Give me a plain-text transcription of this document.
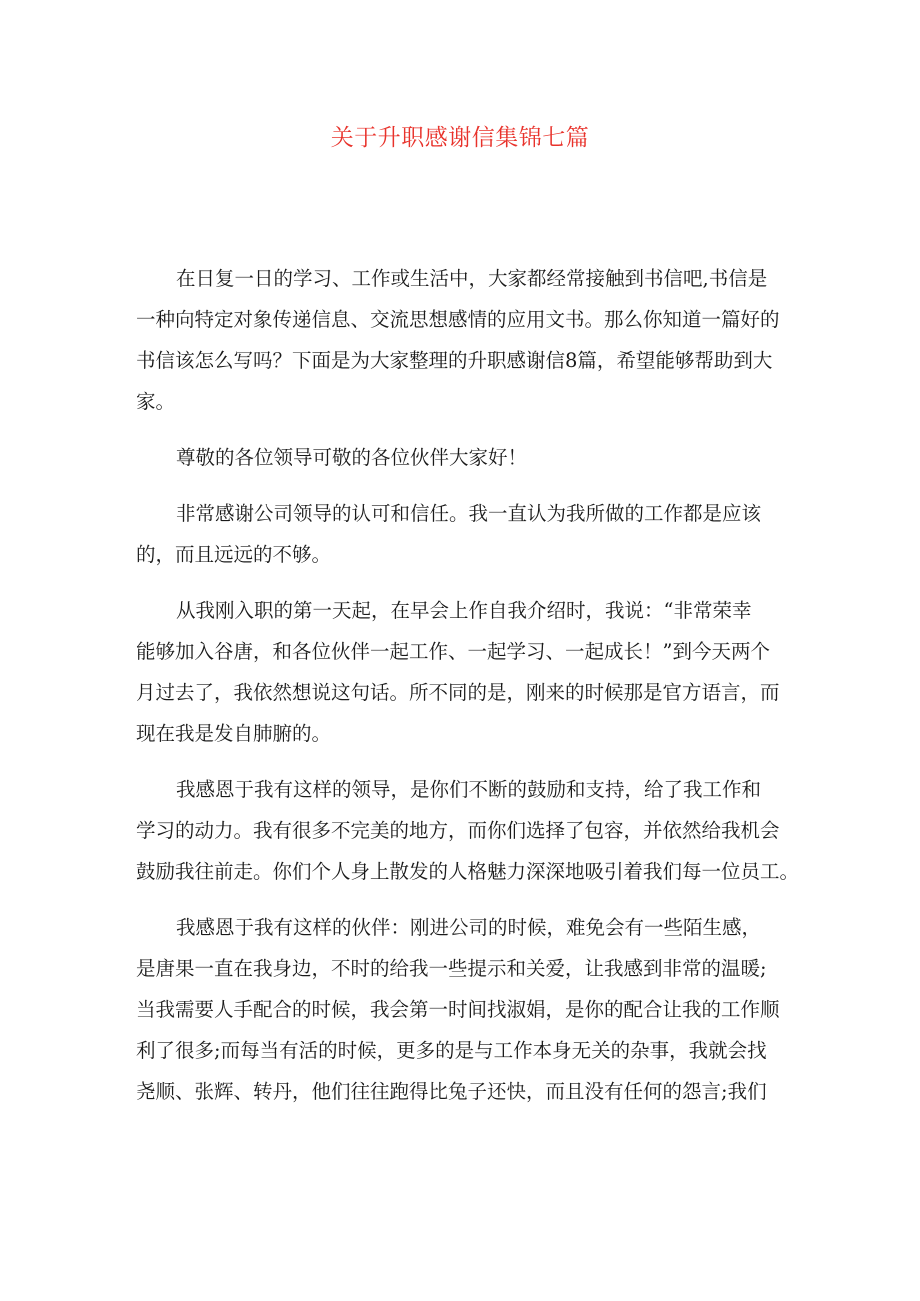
关于升职感谢信集锦七篇
在日复一日的学习、工作或生活中，大家都经常接触到书信吧,书信是
一种向特定对象传递信息、交流思想感情的应用文书。那么你知道一篇好的
书信该怎么写吗？下面是为大家整理的升职感谢信8篇，希望能够帮助到大
家。
尊敬的各位领导可敬的各位伙伴大家好！
非常感谢公司领导的认可和信任。我一直认为我所做的工作都是应该
的，而且远远的不够。
从我刚入职的第一天起，在早会上作自我介绍时，我说：“非常荣幸
能够加入谷唐，和各位伙伴一起工作、一起学习、一起成长！”到今天两个
月过去了，我依然想说这句话。所不同的是，刚来的时候那是官方语言，而
现在我是发自肺腑的。
我感恩于我有这样的领导，是你们不断的鼓励和支持，给了我工作和
学习的动力。我有很多不完美的地方，而你们选择了包容，并依然给我机会
鼓励我往前走。你们个人身上散发的人格魅力深深地吸引着我们每一位员工。
我感恩于我有这样的伙伴：刚进公司的时候，难免会有一些陌生感，
是唐果一直在我身边，不时的给我一些提示和关爱，让我感到非常的温暖;
当我需要人手配合的时候，我会第一时间找淑娟，是你的配合让我的工作顺
利了很多;而每当有活的时候，更多的是与工作本身无关的杂事，我就会找
尧顺、张辉、转丹，他们往往跑得比兔子还快，而且没有任何的怨言;我们
